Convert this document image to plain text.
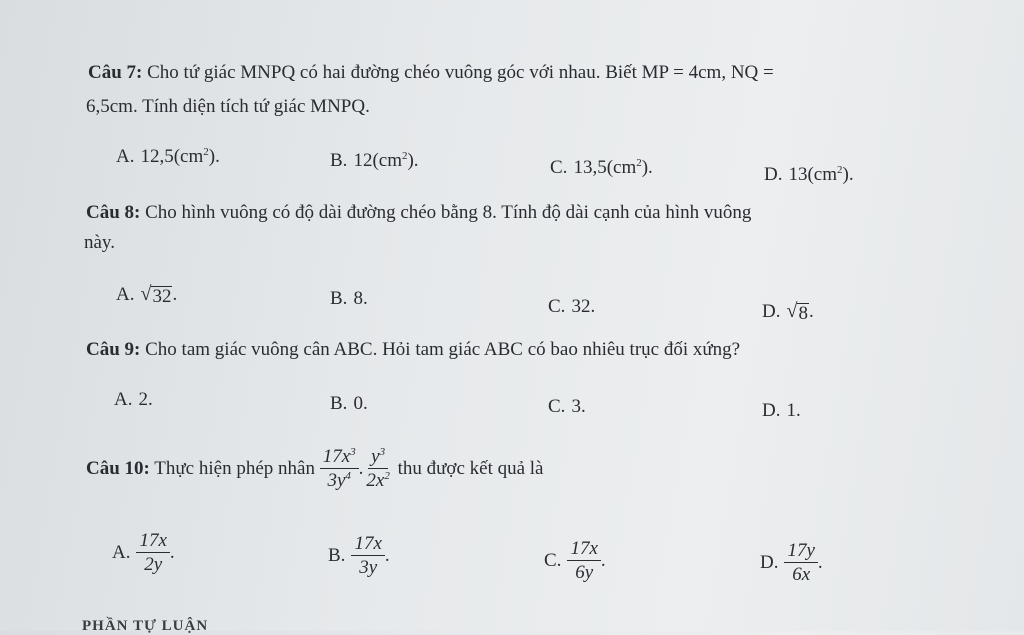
Câu 7: Cho tứ giác MNPQ có hai đường chéo vuông góc với nhau. Biết MP = 4cm, NQ =
6,5cm. Tính diện tích tứ giác MNPQ.
A. $12,5(cm^2)$.	B. $12(cm^2)$.	C. $13,5(cm^2)$.	D. $13(cm^2)$.
Câu 8: Cho hình vuông có độ dài đường chéo bằng 8. Tính độ dài cạnh của hình vuông
này.
A. √ 32 .	B. 8.	C. 32.	D. √ 8 .
Câu 9: Cho tam giác vuông cân ABC. Hỏi tam giác ABC có bao nhiêu trục đối xứng?
A. 2.	B. 0.	C. 3.	D. 1.
Câu 10: Thực hiện phép nhân $\frac{17x^3}{3y^4}$ . $\frac{y^3}{2x^2}$ thu được kết quả là
A. $\frac{17x}{2y}$ .	B. $\frac{17x}{3y}$ .	C. $\frac{17x}{6y}$ .	D. $\frac{17y}{6x}$ .
PHẦN TỰ LUẬN
